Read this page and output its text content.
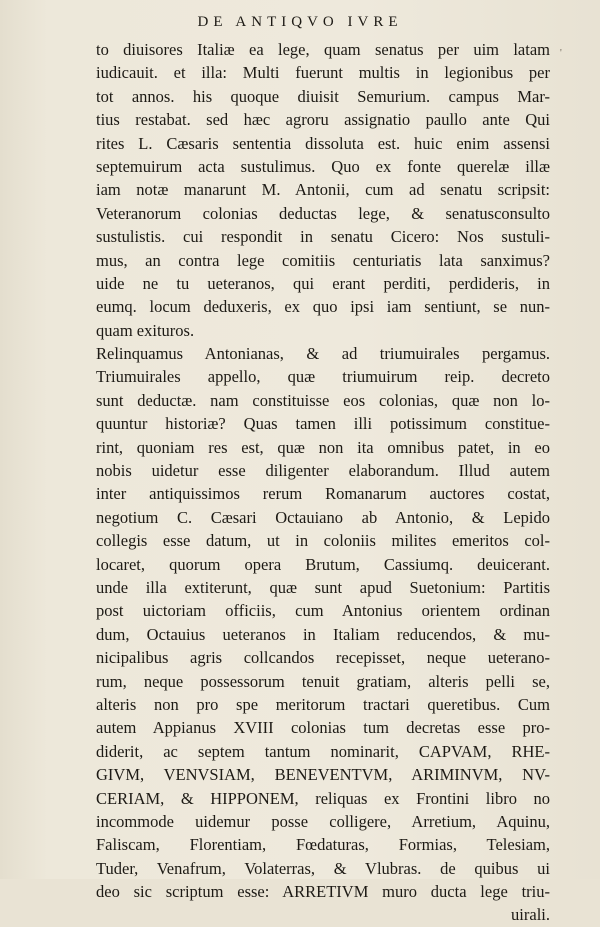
DE ANTIQVO IVRE
'
to diuisores Italiæ ea lege, quam senatus per uim latam
iudicauit. et illa: Multi fuerunt multis in legionibus per
tot annos. his quoque diuisit Semurium. campus Mar-
tius restabat. sed hæc agroru assignatio paullo ante Qui
rites L. Cæsaris sententia dissoluta est. huic enim assensi
septemuirum acta sustulimus. Quo ex fonte querelæ illæ
iam notæ manarunt M. Antonii, cum ad senatu scripsit:
Veteranorum colonias deductas lege, & senatusconsulto
sustulistis. cui respondit in senatu Cicero: Nos sustuli-
mus, an contra lege comitiis centuriatis lata sanximus?
uide ne tu ueteranos, qui erant perditi, perdideris, in
eumq. locum deduxeris, ex quo ipsi iam sentiunt, se nun-
quam exituros.
Relinquamus Antonianas, & ad triumuirales pergamus.
Triumuirales appello, quæ triumuirum reip. decreto
sunt deductæ. nam constituisse eos colonias, quæ non lo-
quuntur historiæ? Quas tamen illi potissimum constitue-
rint, quoniam res est, quæ non ita omnibus patet, in eo
nobis uidetur esse diligenter elaborandum. Illud autem
inter antiquissimos rerum Romanarum auctores costat,
negotium C. Cæsari Octauiano ab Antonio, & Lepido
collegis esse datum, ut in coloniis milites emeritos col-
locaret, quorum opera Brutum, Cassiumq. deuicerant.
unde illa extiterunt, quæ sunt apud Suetonium: Partitis
post uictoriam officiis, cum Antonius orientem ordinan
dum, Octauius ueteranos in Italiam reducendos, & mu-
nicipalibus agris collcandos recepisset, neque ueterano-
rum, neque possessorum tenuit gratiam, alteris pelli se,
alteris non pro spe meritorum tractari queretibus. Cum
autem Appianus XVIII colonias tum decretas esse pro-
diderit, ac septem tantum nominarit, CAPVAM, RHE-
GIVM, VENVSIAM, BENEVENTVM, ARIMINVM, NV-
CERIAM, & HIPPONEM, reliquas ex Frontini libro no
incommode uidemur posse colligere, Arretium, Aquinu,
Faliscam, Florentiam, Fœdaturas, Formias, Telesiam,
Tuder, Venafrum, Volaterras, & Vlubras. de quibus ui
deo sic scriptum esse: ARRETIVM muro ducta lege triu-
uirali.
